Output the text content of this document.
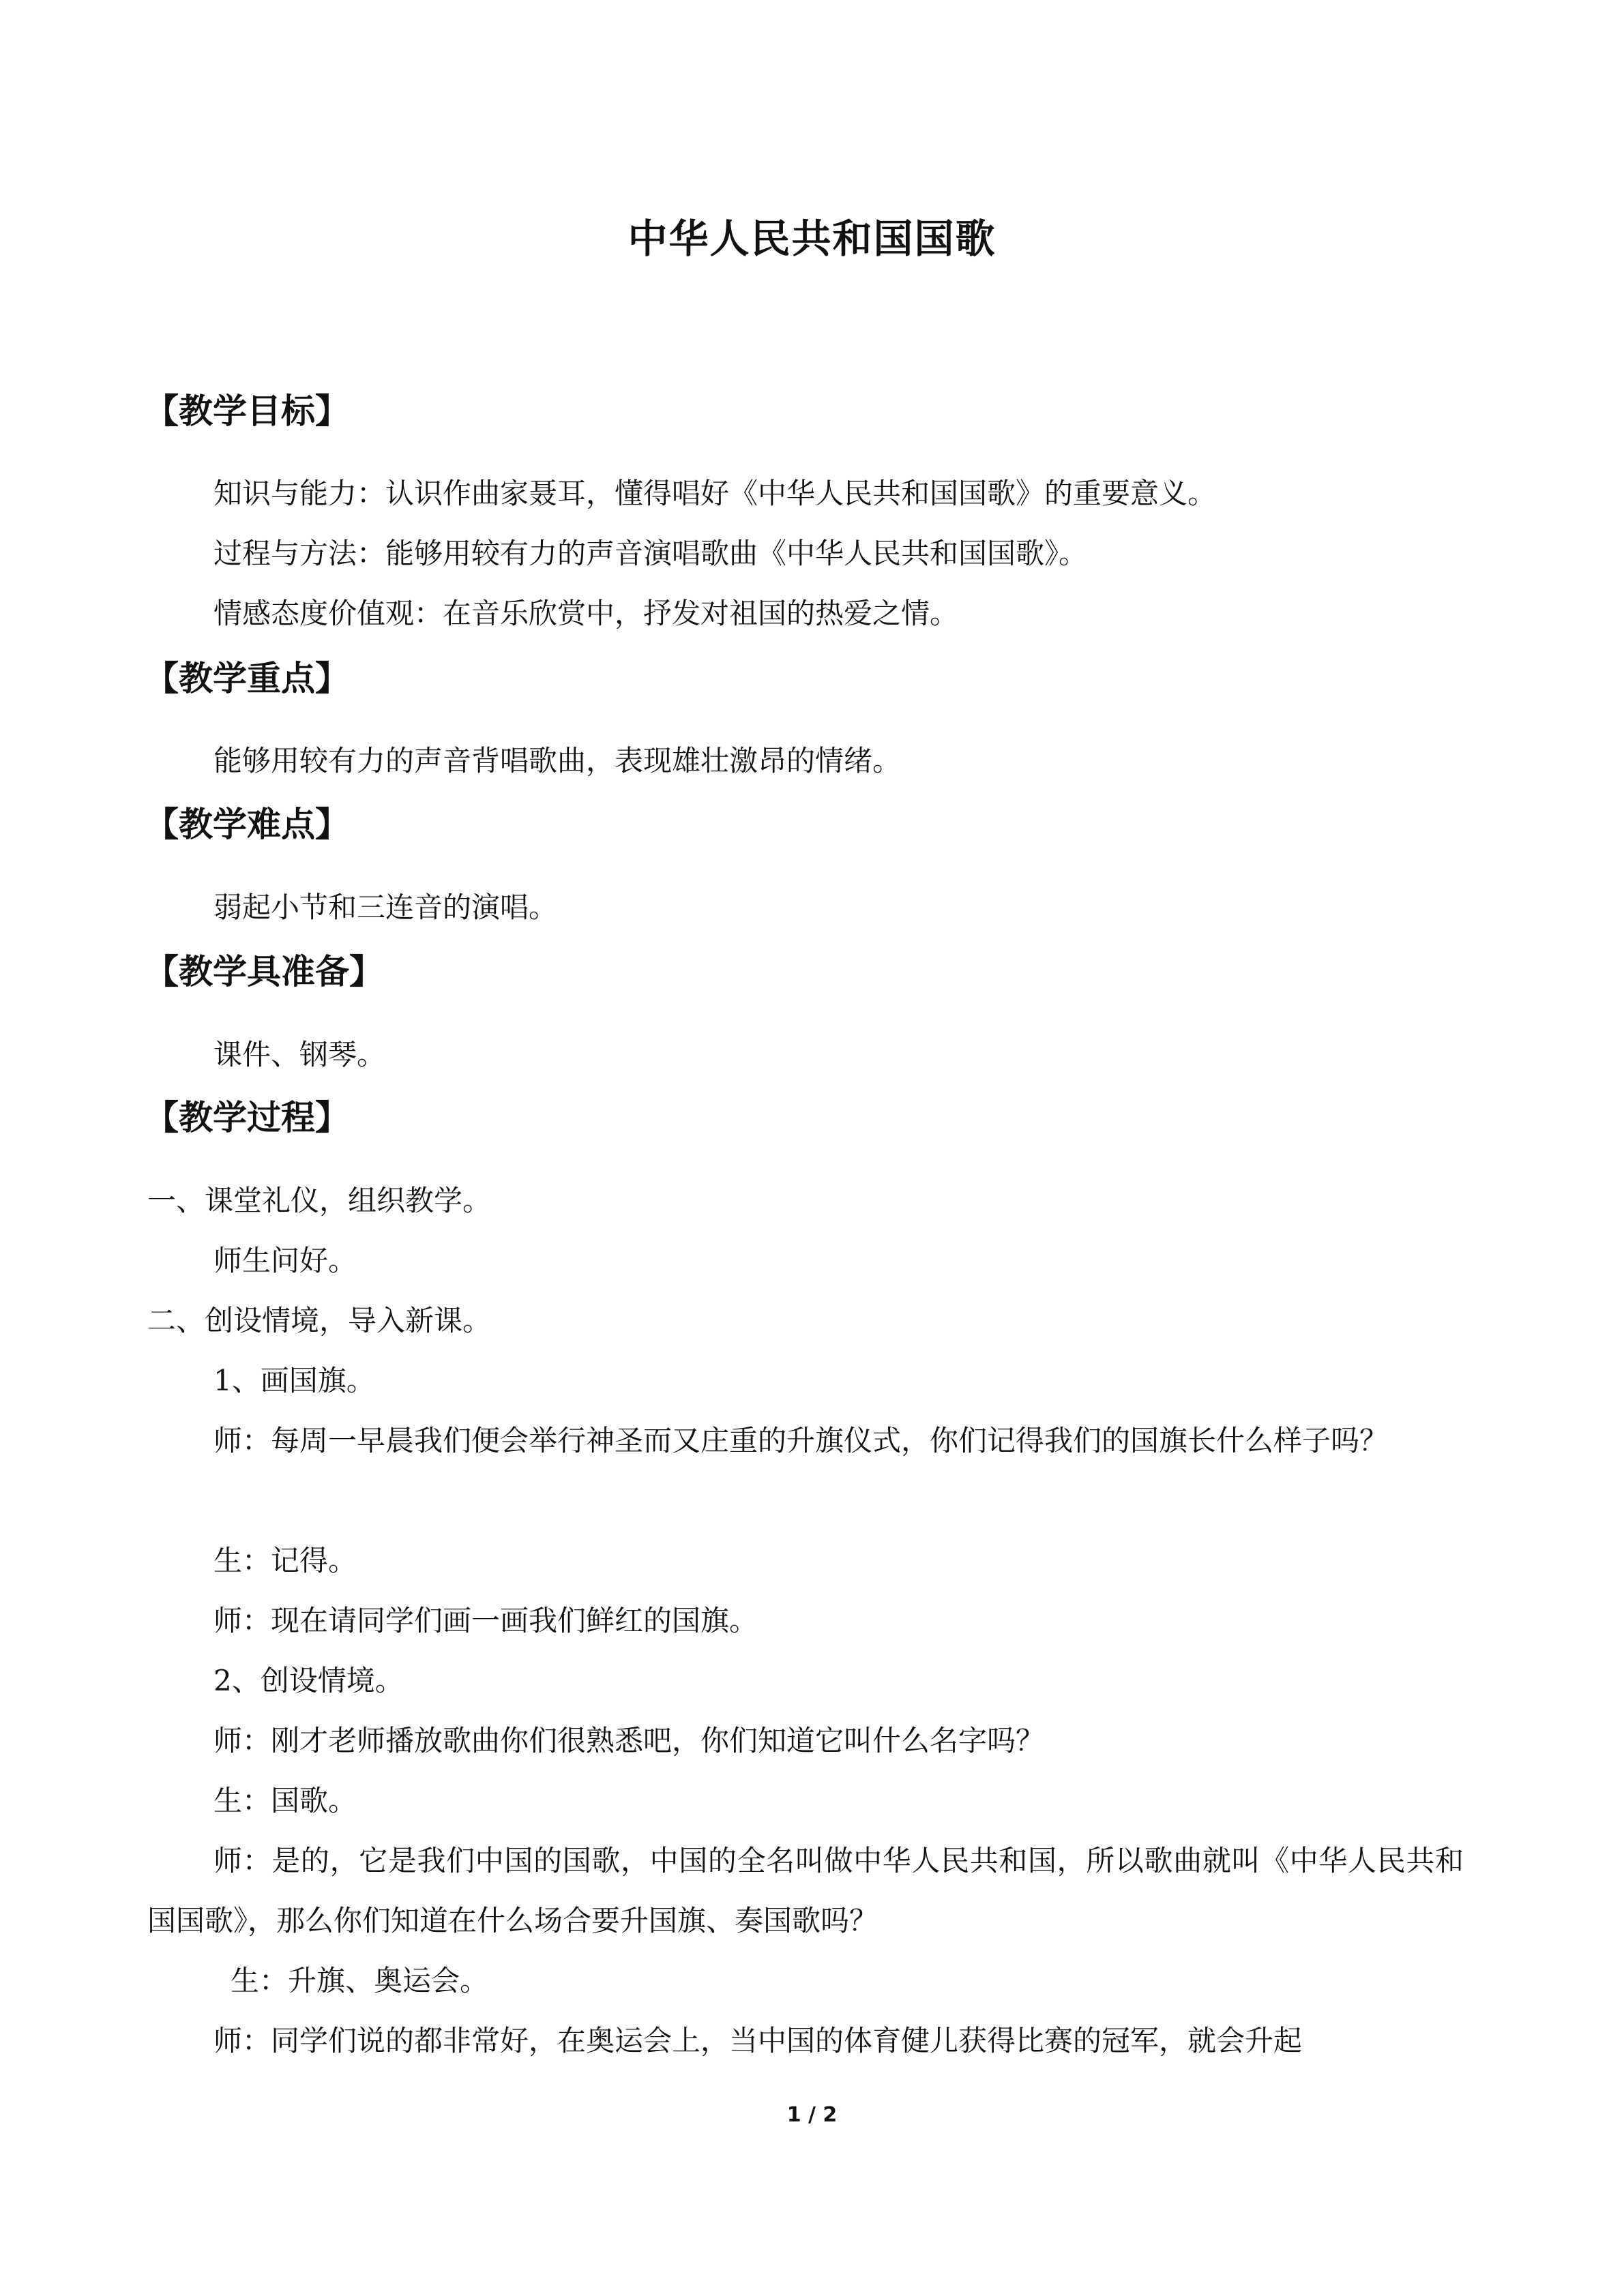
中华人民共和国国歌
【教学目标】
知识与能力：认识作曲家聂耳，懂得唱好《中华人民共和国国歌》的重要意义。
过程与方法：能够用较有力的声音演唱歌曲《中华人民共和国国歌》。
情感态度价值观：在音乐欣赏中，抒发对祖国的热爱之情。
【教学重点】
能够用较有力的声音背唱歌曲，表现雄壮激昂的情绪。
【教学难点】
弱起小节和三连音的演唱。
【教学具准备】
课件、钢琴。
【教学过程】
一、课堂礼仪，组织教学。
师生问好。
二、创设情境，导入新课。
1、画国旗。
师：每周一早晨我们便会举行神圣而又庄重的升旗仪式，你们记得我们的国旗长什么样子吗？
生：记得。
师：现在请同学们画一画我们鲜红的国旗。
2、创设情境。
师：刚才老师播放歌曲你们很熟悉吧，你们知道它叫什么名字吗？
生：国歌。
师：是的，它是我们中国的国歌，中国的全名叫做中华人民共和国，所以歌曲就叫《中华人民共和国国歌》，那么你们知道在什么场合要升国旗、奏国歌吗？
生：升旗、奥运会。
师：同学们说的都非常好，在奥运会上，当中国的体育健儿获得比赛的冠军，就会升起
1 / 2
